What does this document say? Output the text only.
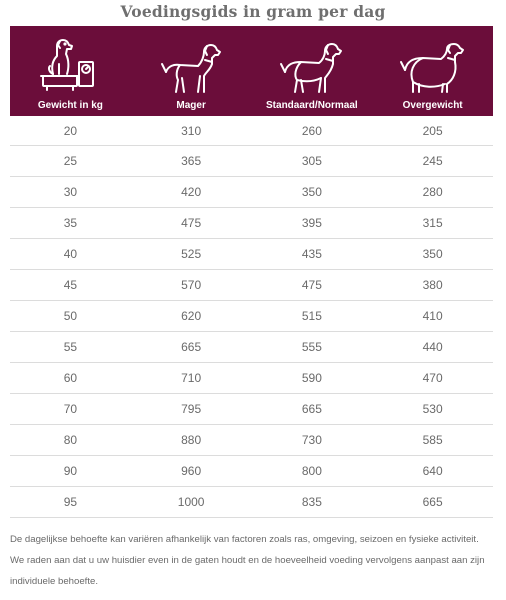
Voedingsgids in gram per dag
Gewicht in kg	Mager	Standaard/Normaal	Overgewicht
20	310	260	205
25	365	305	245
30	420	350	280
35	475	395	315
40	525	435	350
45	570	475	380
50	620	515	410
55	665	555	440
60	710	590	470
70	795	665	530
80	880	730	585
90	960	800	640
95	1000	835	665
De dagelijkse behoefte kan variëren afhankelijk van factoren zoals ras, omgeving, seizoen en fysieke activiteit. We raden aan dat u uw huisdier even in de gaten houdt en de hoeveelheid voeding vervolgens aanpast aan zijn individuele behoefte.
